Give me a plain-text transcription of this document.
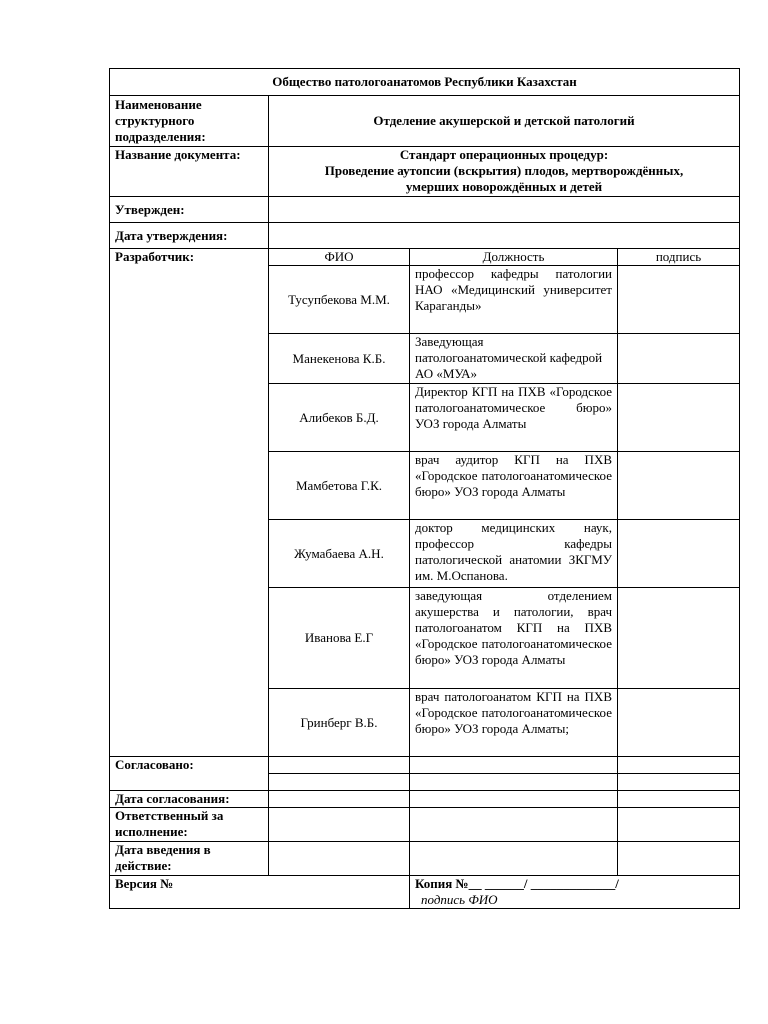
Общество патологоанатомов Республики Казахстан			
Наименование структурного подразделения:	Отделение акушерской и детской патологий		
Название документа:	Стандарт операционных процедур:
Проведение аутопсии (вскрытия) плодов, мертворождённых,
умерших новорождённых и детей		

Утвержден:			
Дата утверждения:			
Разработчик:	ФИО	Должность	подпись
	Тусупбекова М.М.	профессор кафедры патологии НАО «Медицинский университет Караганды»	
	Манекенова К.Б.	Заведующая патологоанатомической кафедрой АО «МУА»	
	Алибеков Б.Д.	Директор КГП на ПХВ «Городское патологоанатомическое бюро» УОЗ города Алматы	
	Мамбетова Г.К.	врач аудитор КГП на ПХВ «Городское патологоанатомическое бюро» УОЗ города Алматы	
	Жумабаева А.Н.	доктор медицинских наук, профессор кафедры патологической анатомии ЗКГМУ им. М.Оспанова.	
	Иванова Е.Г	заведующая отделением акушерства и патологии, врач патологоанатом КГП на ПХВ «Городское патологоанатомическое бюро» УОЗ города Алматы	
	Гринберг В.Б.	врач патологоанатом КГП на ПХВ «Городское патологоанатомическое бюро» УОЗ города Алматы;	
Согласовано:			

Дата согласования:			
Ответственный за исполнение:			
Дата введения в действие:			
Версия №		Копия №__ ______/ _____________/
подпись ФИО	
